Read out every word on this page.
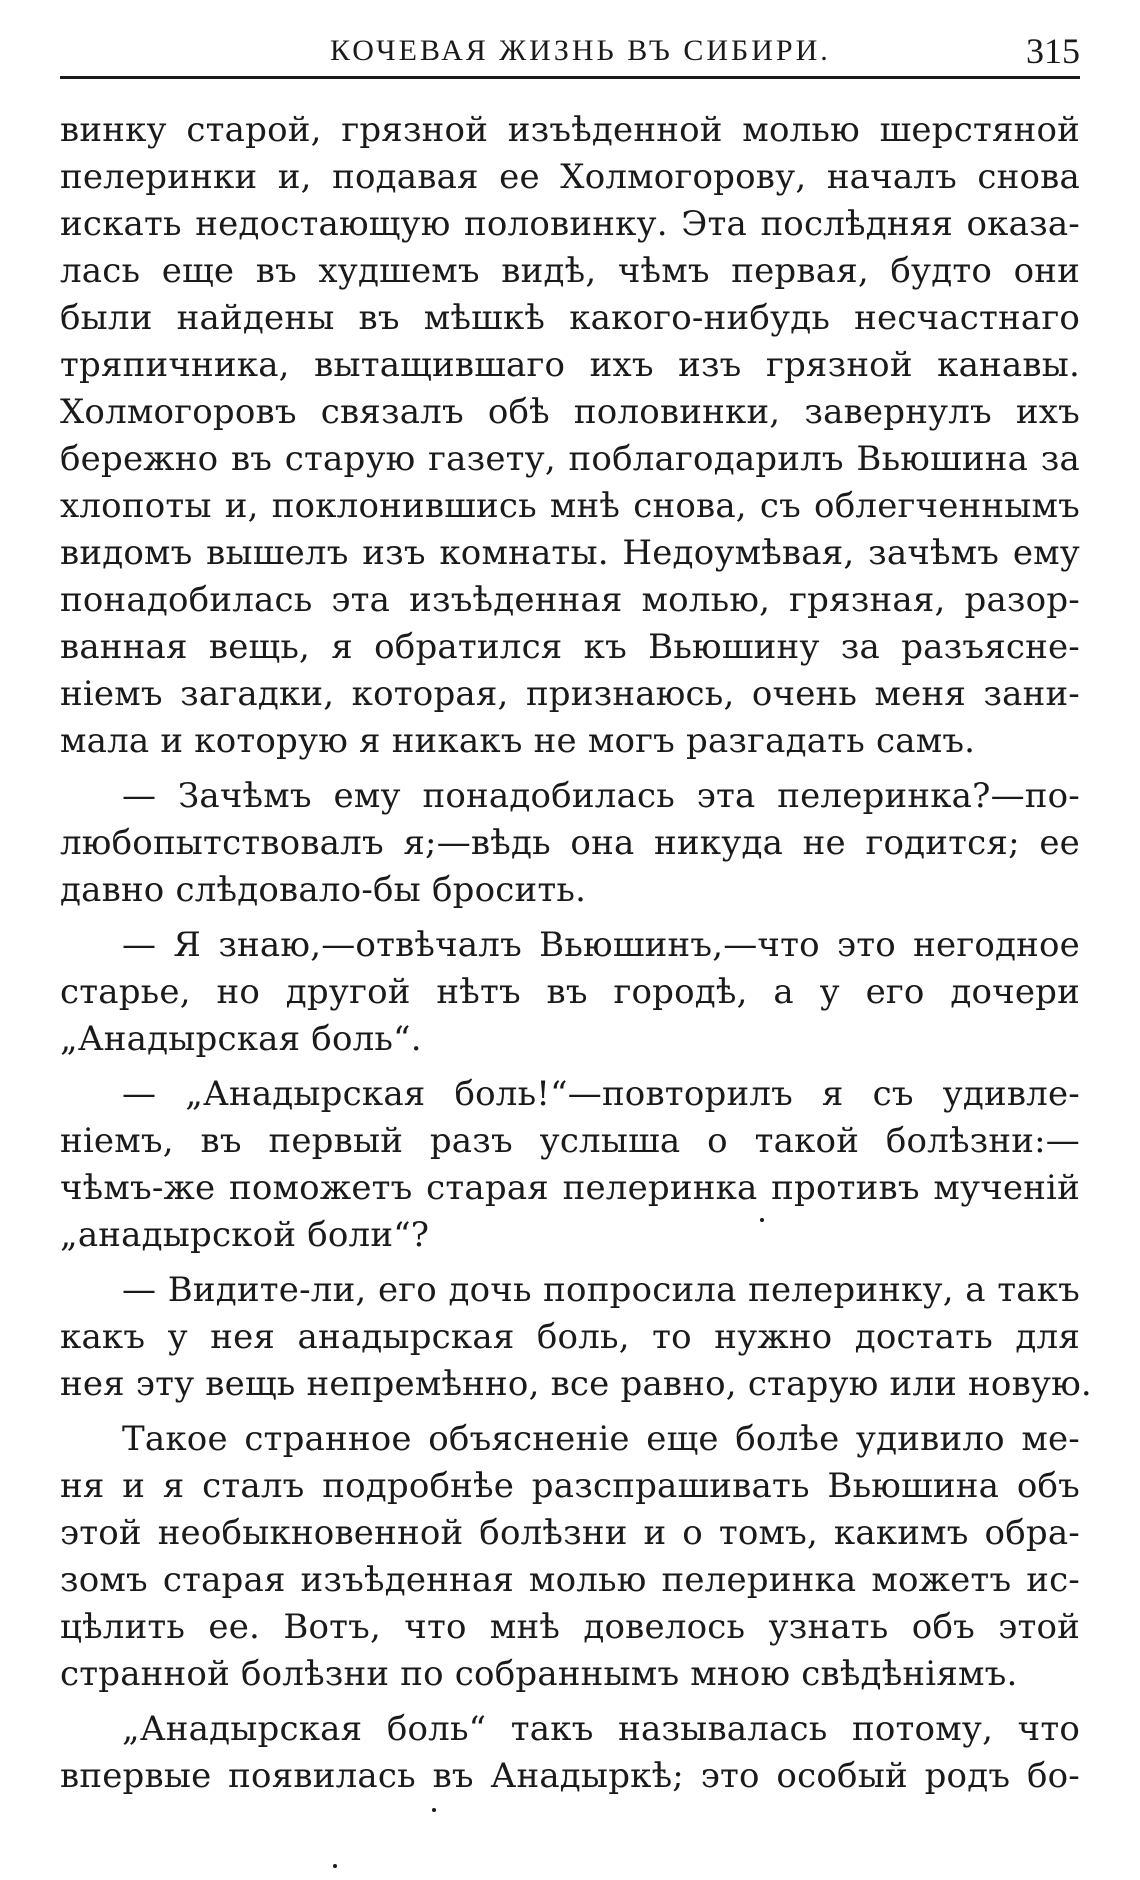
КОЧЕВАЯ ЖИЗНЬ ВЪ СИБИРИ.	315
винку старой, грязной изъѣденной молью шерстяной
пелеринки и, подавая ее Холмогорову, началъ снова
искать недостающую половинку. Эта послѣдняя оказа-
лась еще въ худшемъ видѣ, чѣмъ первая, будто они
были найдены въ мѣшкѣ какого-нибудь несчастнаго
тряпичника, вытащившаго ихъ изъ грязной канавы.
Холмогоровъ связалъ обѣ половинки, завернулъ ихъ
бережно въ старую газету, поблагодарилъ Вьюшина за
хлопоты и, поклонившись мнѣ снова, съ облегченнымъ
видомъ вышелъ изъ комнаты. Недоумѣвая, зачѣмъ ему
понадобилась эта изъѣденная молью, грязная, разор-
ванная вещь, я обратился къ Вьюшину за разъясне-
ніемъ загадки, которая, признаюсь, очень меня зани-
мала и которую я никакъ не могъ разгадать самъ.
— Зачѣмъ ему понадобилась эта пелеринка?—по-
любопытствовалъ я;—вѣдь она никуда не годится; ее
давно слѣдовало-бы бросить.
— Я знаю,—отвѣчалъ Вьюшинъ,—что это негодное
старье, но другой нѣтъ въ городѣ, а у его дочери
„Анадырская боль“.
— „Анадырская боль!“—повторилъ я съ удивле-
ніемъ, въ первый разъ услыша о такой болѣзни:—
чѣмъ-же поможетъ старая пелеринка противъ мученій
„анадырской боли“?
— Видите-ли, его дочь попросила пелеринку, а такъ
какъ у нея анадырская боль, то нужно достать для
нея эту вещь непремѣнно, все равно, старую или новую.
Такое странное объясненіе еще болѣе удивило ме-
ня и я сталъ подробнѣе разспрашивать Вьюшина объ
этой необыкновенной болѣзни и о томъ, какимъ обра-
зомъ старая изъѣденная молью пелеринка можетъ ис-
цѣлить ее. Вотъ, что мнѣ довелось узнать объ этой
странной болѣзни по собраннымъ мною свѣдѣніямъ.
„Анадырская боль“ такъ называлась потому, что
впервые появилась въ Анадыркѣ; это особый родъ бо-
